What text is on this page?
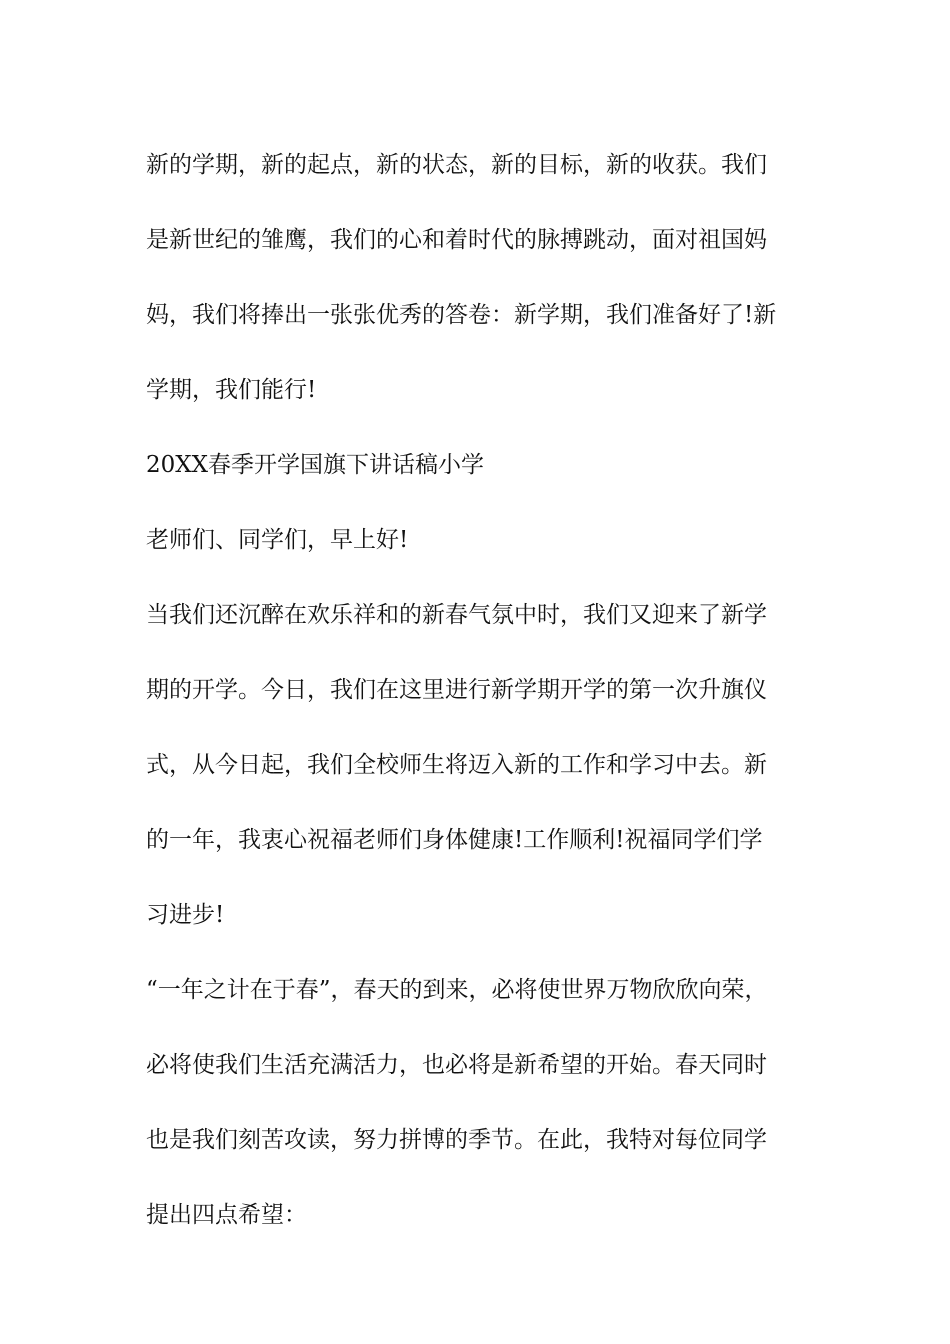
新的学期，新的起点，新的状态，新的目标，新的收获。我们
是新世纪的雏鹰，我们的心和着时代的脉搏跳动，面对祖国妈
妈，我们将捧出一张张优秀的答卷：新学期，我们准备好了!新
学期，我们能行!

20XX春季开学国旗下讲话稿小学

老师们、同学们，早上好!

当我们还沉醉在欢乐祥和的新春气氛中时，我们又迎来了新学
期的开学。今日，我们在这里进行新学期开学的第一次升旗仪
式，从今日起，我们全校师生将迈入新的工作和学习中去。新
的一年，我衷心祝福老师们身体健康!工作顺利!祝福同学们学
习进步!

“一年之计在于春”，春天的到来，必将使世界万物欣欣向荣，
必将使我们生活充满活力，也必将是新希望的开始。春天同时
也是我们刻苦攻读，努力拼博的季节。在此，我特对每位同学
提出四点希望：
